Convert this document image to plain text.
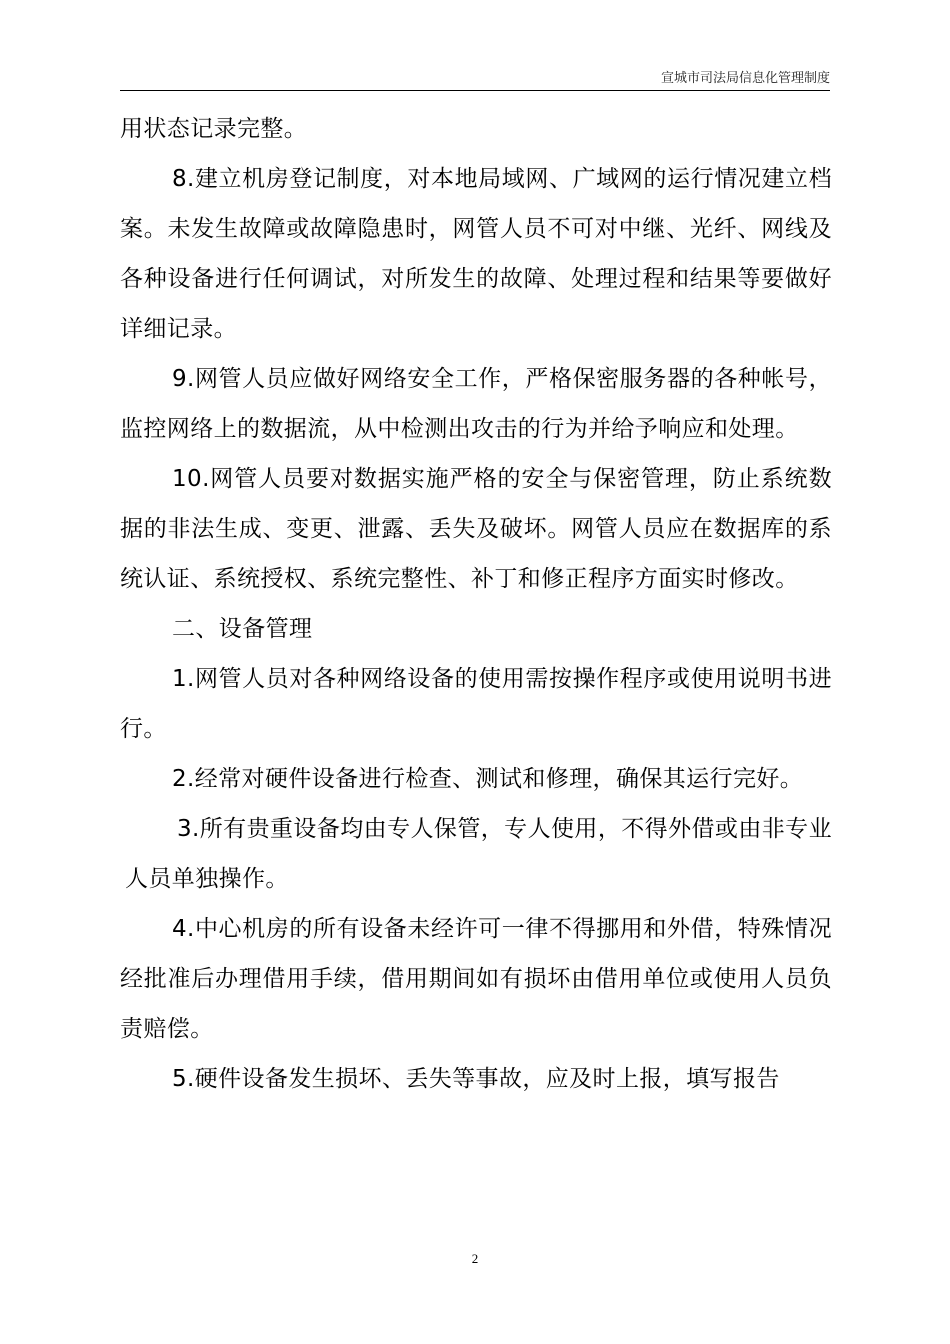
宣城市司法局信息化管理制度

用状态记录完整。

8.建立机房登记制度，对本地局域网、广域网的运行情况建立档案。未发生故障或故障隐患时，网管人员不可对中继、光纤、网线及各种设备进行任何调试，对所发生的故障、处理过程和结果等要做好详细记录。

9.网管人员应做好网络安全工作，严格保密服务器的各种帐号，监控网络上的数据流，从中检测出攻击的行为并给予响应和处理。

10.网管人员要对数据实施严格的安全与保密管理，防止系统数据的非法生成、变更、泄露、丢失及破坏。网管人员应在数据库的系统认证、系统授权、系统完整性、补丁和修正程序方面实时修改。

二、设备管理

1.网管人员对各种网络设备的使用需按操作程序或使用说明书进行。

2.经常对硬件设备进行检查、测试和修理，确保其运行完好。

3.所有贵重设备均由专人保管，专人使用，不得外借或由非专业人员单独操作。

4.中心机房的所有设备未经许可一律不得挪用和外借，特殊情况经批准后办理借用手续，借用期间如有损坏由借用单位或使用人员负责赔偿。

5.硬件设备发生损坏、丢失等事故，应及时上报，填写报告

2
